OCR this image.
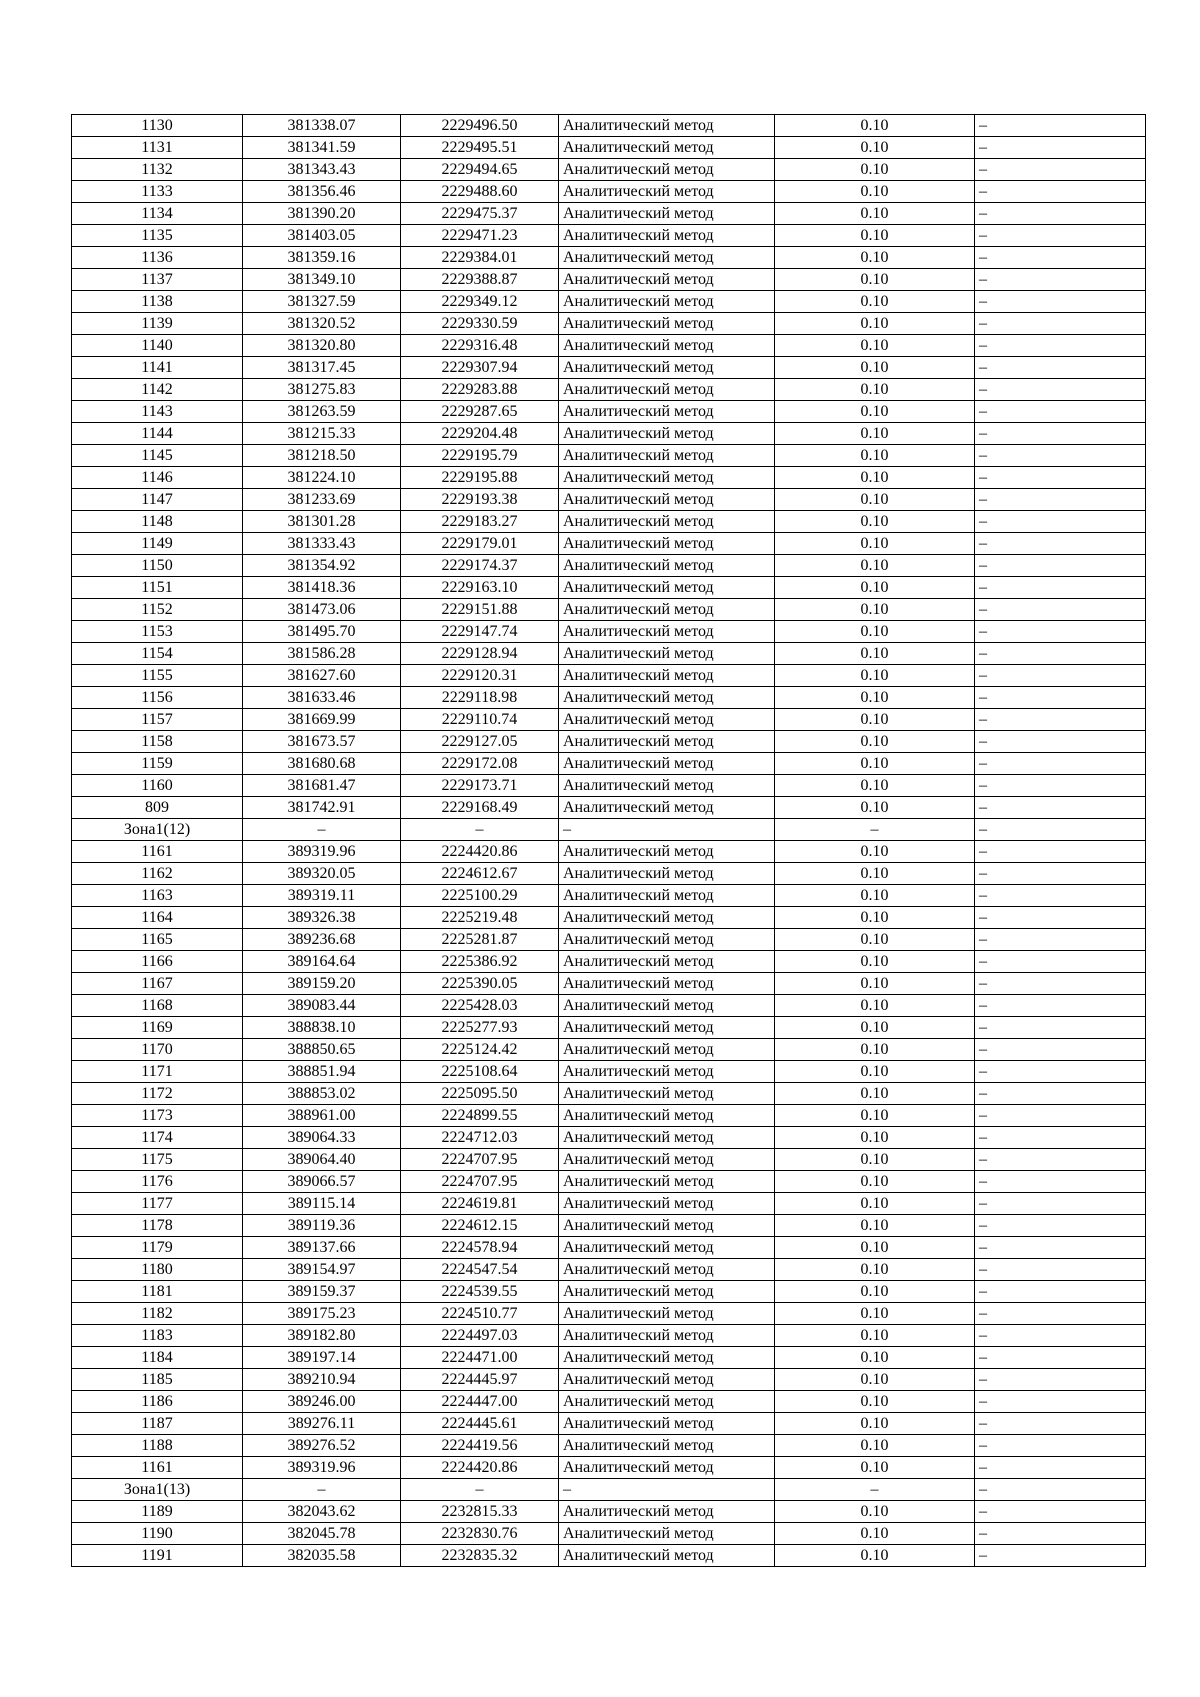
1130	381338.07	2229496.50	Аналитический метод	0.10	–
1131	381341.59	2229495.51	Аналитический метод	0.10	–
1132	381343.43	2229494.65	Аналитический метод	0.10	–
1133	381356.46	2229488.60	Аналитический метод	0.10	–
1134	381390.20	2229475.37	Аналитический метод	0.10	–
1135	381403.05	2229471.23	Аналитический метод	0.10	–
1136	381359.16	2229384.01	Аналитический метод	0.10	–
1137	381349.10	2229388.87	Аналитический метод	0.10	–
1138	381327.59	2229349.12	Аналитический метод	0.10	–
1139	381320.52	2229330.59	Аналитический метод	0.10	–
1140	381320.80	2229316.48	Аналитический метод	0.10	–
1141	381317.45	2229307.94	Аналитический метод	0.10	–
1142	381275.83	2229283.88	Аналитический метод	0.10	–
1143	381263.59	2229287.65	Аналитический метод	0.10	–
1144	381215.33	2229204.48	Аналитический метод	0.10	–
1145	381218.50	2229195.79	Аналитический метод	0.10	–
1146	381224.10	2229195.88	Аналитический метод	0.10	–
1147	381233.69	2229193.38	Аналитический метод	0.10	–
1148	381301.28	2229183.27	Аналитический метод	0.10	–
1149	381333.43	2229179.01	Аналитический метод	0.10	–
1150	381354.92	2229174.37	Аналитический метод	0.10	–
1151	381418.36	2229163.10	Аналитический метод	0.10	–
1152	381473.06	2229151.88	Аналитический метод	0.10	–
1153	381495.70	2229147.74	Аналитический метод	0.10	–
1154	381586.28	2229128.94	Аналитический метод	0.10	–
1155	381627.60	2229120.31	Аналитический метод	0.10	–
1156	381633.46	2229118.98	Аналитический метод	0.10	–
1157	381669.99	2229110.74	Аналитический метод	0.10	–
1158	381673.57	2229127.05	Аналитический метод	0.10	–
1159	381680.68	2229172.08	Аналитический метод	0.10	–
1160	381681.47	2229173.71	Аналитический метод	0.10	–
809	381742.91	2229168.49	Аналитический метод	0.10	–
Зона1(12)	–	–	–	–	–
1161	389319.96	2224420.86	Аналитический метод	0.10	–
1162	389320.05	2224612.67	Аналитический метод	0.10	–
1163	389319.11	2225100.29	Аналитический метод	0.10	–
1164	389326.38	2225219.48	Аналитический метод	0.10	–
1165	389236.68	2225281.87	Аналитический метод	0.10	–
1166	389164.64	2225386.92	Аналитический метод	0.10	–
1167	389159.20	2225390.05	Аналитический метод	0.10	–
1168	389083.44	2225428.03	Аналитический метод	0.10	–
1169	388838.10	2225277.93	Аналитический метод	0.10	–
1170	388850.65	2225124.42	Аналитический метод	0.10	–
1171	388851.94	2225108.64	Аналитический метод	0.10	–
1172	388853.02	2225095.50	Аналитический метод	0.10	–
1173	388961.00	2224899.55	Аналитический метод	0.10	–
1174	389064.33	2224712.03	Аналитический метод	0.10	–
1175	389064.40	2224707.95	Аналитический метод	0.10	–
1176	389066.57	2224707.95	Аналитический метод	0.10	–
1177	389115.14	2224619.81	Аналитический метод	0.10	–
1178	389119.36	2224612.15	Аналитический метод	0.10	–
1179	389137.66	2224578.94	Аналитический метод	0.10	–
1180	389154.97	2224547.54	Аналитический метод	0.10	–
1181	389159.37	2224539.55	Аналитический метод	0.10	–
1182	389175.23	2224510.77	Аналитический метод	0.10	–
1183	389182.80	2224497.03	Аналитический метод	0.10	–
1184	389197.14	2224471.00	Аналитический метод	0.10	–
1185	389210.94	2224445.97	Аналитический метод	0.10	–
1186	389246.00	2224447.00	Аналитический метод	0.10	–
1187	389276.11	2224445.61	Аналитический метод	0.10	–
1188	389276.52	2224419.56	Аналитический метод	0.10	–
1161	389319.96	2224420.86	Аналитический метод	0.10	–
Зона1(13)	–	–	–	–	–
1189	382043.62	2232815.33	Аналитический метод	0.10	–
1190	382045.78	2232830.76	Аналитический метод	0.10	–
1191	382035.58	2232835.32	Аналитический метод	0.10	–
